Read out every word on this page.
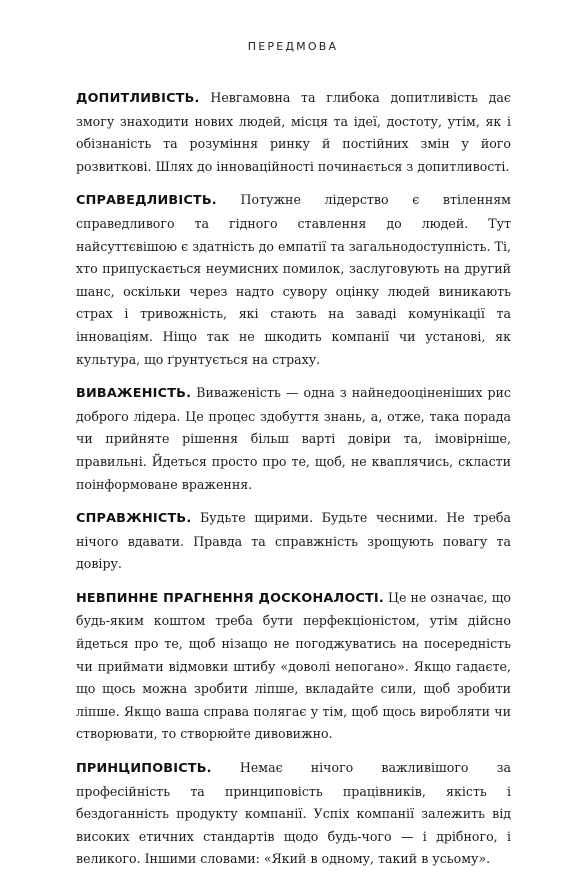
ПЕРЕДМОВА

ДОПИТЛИВІСТЬ. Невгамовна та глибока допитливість дає змогу знаходити нових людей, місця та ідеї, достоту, утім, як і обізнаність та розуміння ринку й постійних змін у його розвиткові. Шлях до інноваційності починається з допитливості.

СПРАВЕДЛИВІСТЬ. Потужне лідерство є втіленням справедливого та гідного ставлення до людей. Тут найсуттєвішою є здатність до емпатії та загальнодоступність. Ті, хто припускається неумисних помилок, заслуговують на другий шанс, оскільки через надто сувору оцінку людей виникають страх і тривожність, які стають на заваді комунікації та інноваціям. Ніщо так не шкодить компанії чи установі, як культура, що ґрунтується на страху.

ВИВАЖЕНІСТЬ. Виваженість — одна з найнедооціненіших рис доброго лідера. Це процес здобуття знань, а, отже, така порада чи прийняте рішення більш варті довіри та, імовірніше, правильні. Йдеться просто про те, щоб, не кваплячись, скласти поінформоване враження.

СПРАВЖНІСТЬ. Будьте щирими. Будьте чесними. Не треба нічого вдавати. Правда та справжність зрощують повагу та довіру.

НЕВПИННЕ ПРАГНЕННЯ ДОСКОНАЛОСТІ. Це не означає, що будь-яким коштом треба бути перфекціоністом, утім дійсно йдеться про те, щоб нізащо не погоджуватись на посередність чи приймати відмовки штибу «доволі непогано». Якщо гадаєте, що щось можна зробити ліпше, вкладайте сили, щоб зробити ліпше. Якщо ваша справа полягає у тім, щоб щось виробляти чи створювати, то створюйте дивовижно.

ПРИНЦИПОВІСТЬ. Немає нічого важливішого за професійність та принциповість працівників, якість і бездоганність продукту компанії. Успіх компанії залежить від високих етичних стандартів щодо будь-чого — і дрібного, і великого. Іншими словами: «Який в одному, такий в усьому».
